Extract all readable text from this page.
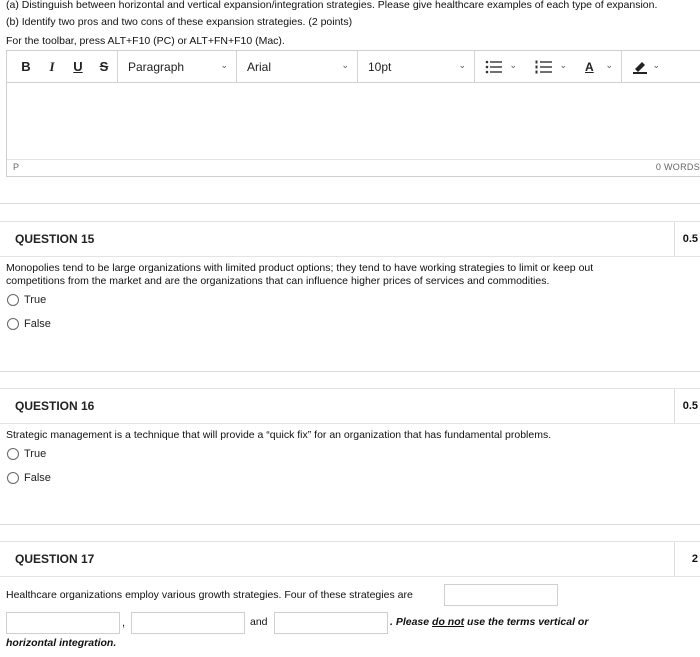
(a) Distinguish between horizontal and vertical expansion/integration strategies. Please give healthcare examples of each type of expansion.
(b) Identify two pros and two cons of these expansion strategies. (2 points)
For the toolbar, press ALT+F10 (PC) or ALT+FN+F10 (Mac).
B	I	U	S	Paragraph	⌄ Arial	⌄ 10pt	⌄	⌄	⌄ A ⌄	⌄
P	0 WORDS
QUESTION 15	0.5
Monopolies tend to be large organizations with limited product options; they tend to have working strategies to limit or keep out competitions from the market and are the organizations that can influence higher prices of services and commodities.
True
False
QUESTION 16	0.5
Strategic management is a technique that will provide a “quick fix” for an organization that has fundamental problems.
True
False
QUESTION 17	2
Healthcare organizations employ various growth strategies. Four of these strategies are
,	and	. Please do not use the terms vertical or
horizontal integration.
